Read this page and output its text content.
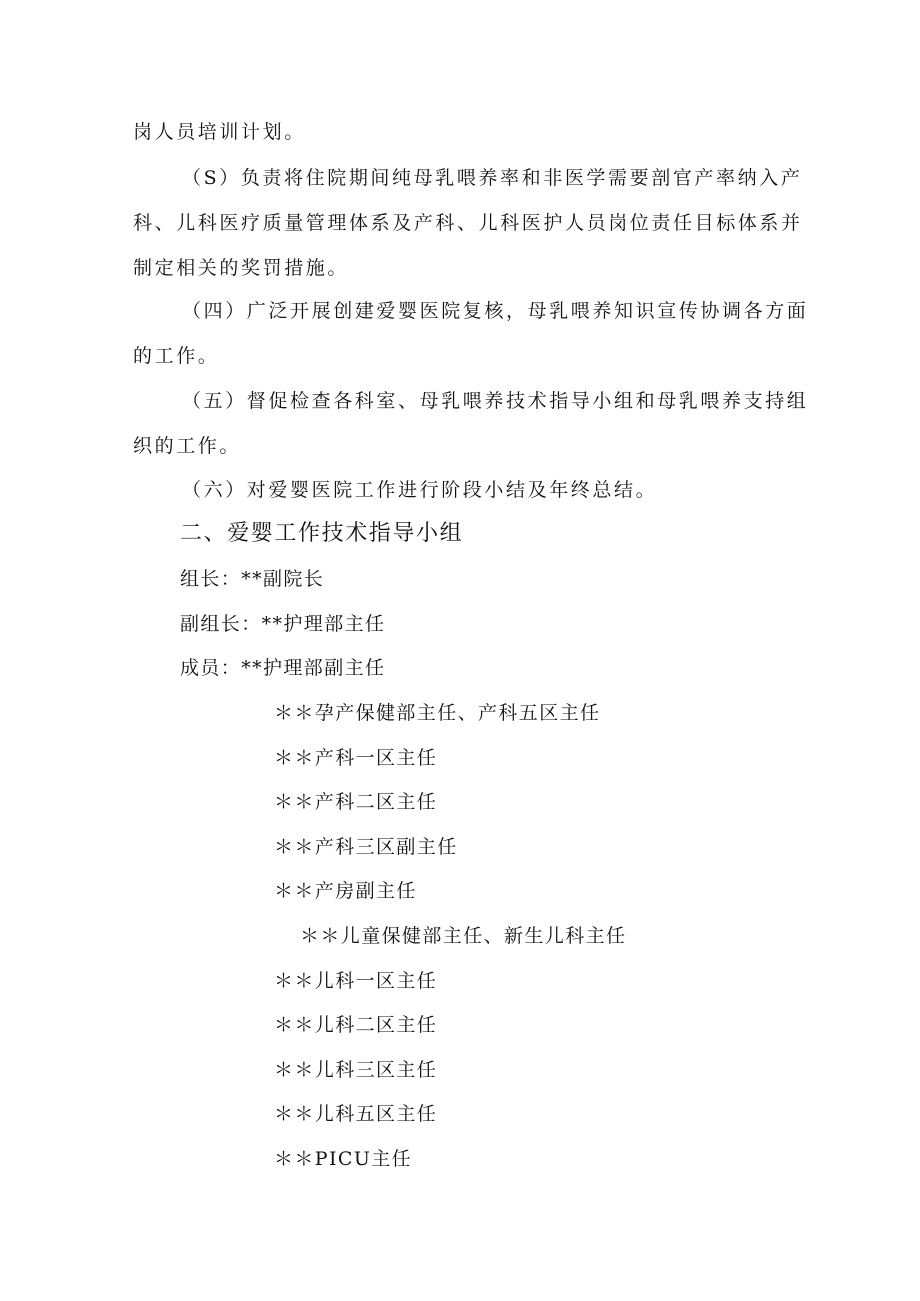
岗人员培训计划。
（S）负责将住院期间纯母乳喂养率和非医学需要剖官产率纳入产
科、儿科医疗质量管理体系及产科、儿科医护人员岗位责任目标体系并
制定相关的奖罚措施。
（四）广泛开展创建爱婴医院复核，母乳喂养知识宣传协调各方面
的工作。
（五）督促检查各科室、母乳喂养技术指导小组和母乳喂养支持组
织的工作。
（六）对爱婴医院工作进行阶段小结及年终总结。
二、爱婴工作技术指导小组
组长：**副院长
副组长：**护理部主任
成员：**护理部副主任
＊＊孕产保健部主任、产科五区主任
＊＊产科一区主任
＊＊产科二区主任
＊＊产科三区副主任
＊＊产房副主任
＊＊儿童保健部主任、新生儿科主任
＊＊儿科一区主任
＊＊儿科二区主任
＊＊儿科三区主任
＊＊儿科五区主任
＊＊PICU主任
